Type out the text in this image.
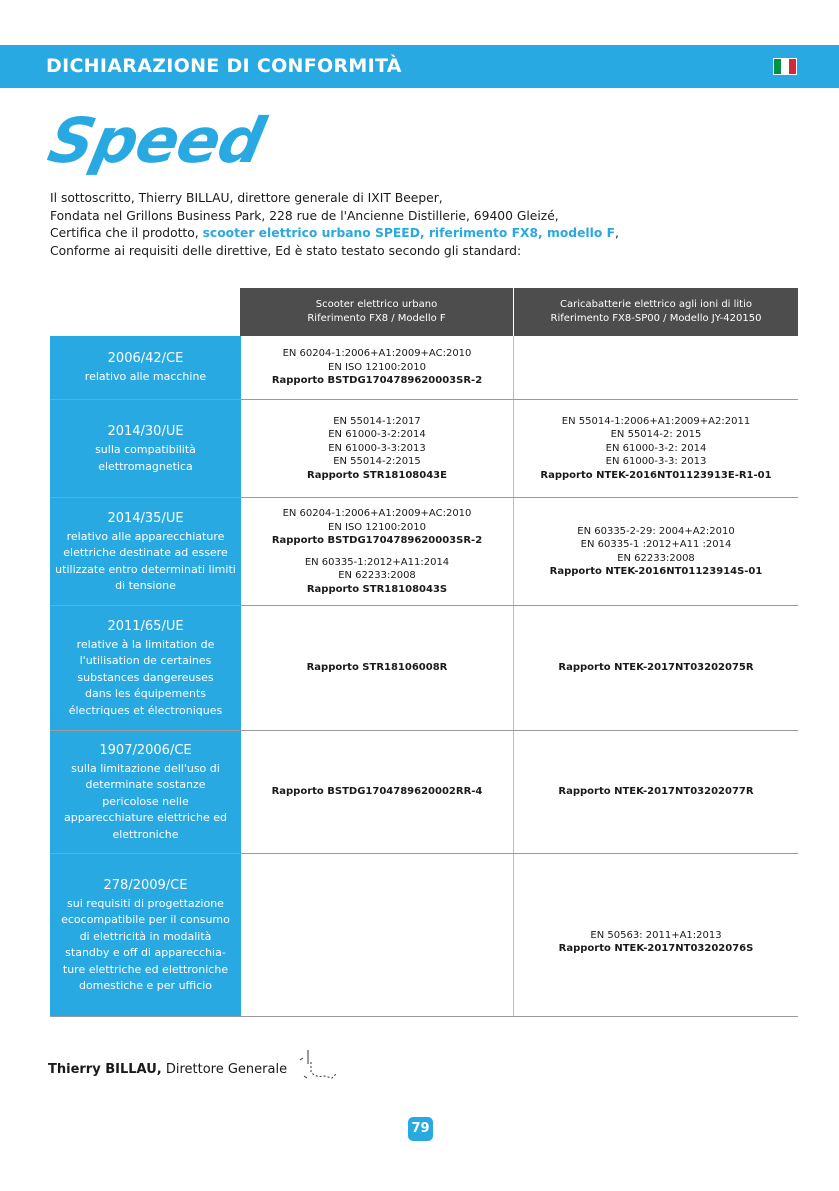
DICHIARAZIONE DI CONFORMITÀ
Speed
Il sottoscritto, Thierry BILLAU, direttore generale di IXIT Beeper,
Fondata nel Grillons Business Park, 228 rue de l'Ancienne Distillerie, 69400 Gleizé,
Certifica che il prodotto, scooter elettrico urbano SPEED, riferimento FX8, modello F,
Conforme ai requisiti delle direttive, Ed è stato testato secondo gli standard:
Scooter elettrico urbano
Riferimento FX8 / Modello F
Caricabatterie elettrico agli ioni di litio
Riferimento FX8-SP00 / Modello JY-420150
2006/42/CE
relativo alle macchine
EN 60204-1:2006+A1:2009+AC:2010
EN ISO 12100:2010
Rapporto BSTDG1704789620003SR-2
2014/30/UE
sulla compatibilità
elettromagnetica
EN 55014-1:2017
EN 61000-3-2:2014
EN 61000-3-3:2013
EN 55014-2:2015
Rapporto STR18108043E
EN 55014-1:2006+A1:2009+A2:2011
EN 55014-2: 2015
EN 61000-3-2: 2014
EN 61000-3-3: 2013
Rapporto NTEK-2016NT01123913E-R1-01
2014/35/UE
relativo alle apparecchiature
elettriche destinate ad essere
utilizzate entro determinati limiti
di tensione
EN 60204-1:2006+A1:2009+AC:2010
EN ISO 12100:2010
Rapporto BSTDG1704789620003SR-2
EN 60335-1:2012+A11:2014
EN 62233:2008
Rapporto STR18108043S
EN 60335-2-29: 2004+A2:2010
EN 60335-1 :2012+A11 :2014
EN 62233:2008
Rapporto NTEK-2016NT01123914S-01
2011/65/UE
relative à la limitation de
l'utilisation de certaines
substances dangereuses
dans les équipements
électriques et électroniques
Rapporto STR18106008R	Rapporto NTEK-2017NT03202075R
1907/2006/CE
sulla limitazione dell'uso di
determinate sostanze
pericolose nelle
apparecchiature elettriche ed
elettroniche
Rapporto BSTDG1704789620002RR-4	Rapporto NTEK-2017NT03202077R
278/2009/CE
sui requisiti di progettazione
ecocompatibile per il consumo
di elettricità in modalità
standby e off di apparecchia-
ture elettriche ed elettroniche
domestiche e per ufficio
EN 50563: 2011+A1:2013
Rapporto NTEK-2017NT03202076S
Thierry BILLAU, Direttore Generale
79
